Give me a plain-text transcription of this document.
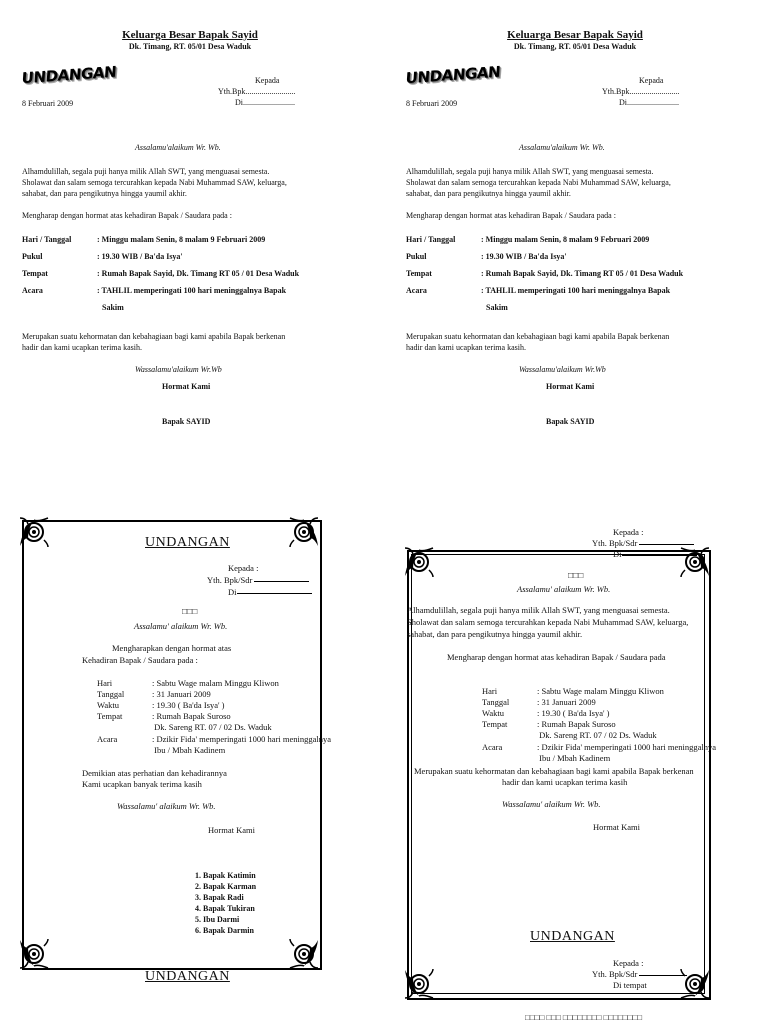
Keluarga Besar Bapak Sayid
Dk. Timang, RT. 05/01 Desa Waduk
UNDANGAN	Kepada
Yth.Bpk.........................
Di..........................
8 Februari 2009
Assalamu'alaikum Wr. Wb.
Alhamdulillah, segala puji hanya milik Allah SWT, yang menguasai semesta.
Sholawat dan salam semoga tercurahkan kepada Nabi Muhammad SAW, keluarga,
sahabat, dan para pengikutnya hingga yaumil akhir.
Mengharap dengan hormat atas kehadiran Bapak / Saudara pada :
Hari / Tanggal	: Minggu malam Senin, 8 malam 9 Februari 2009
Pukul	: 19.30 WIB / Ba'da Isya'
Tempat	: Rumah Bapak Sayid, Dk. Timang RT 05 / 01 Desa Waduk
Acara	: TAHLIL memperingati 100 hari meninggalnya Bapak
Sakim
Merupakan suatu kehormatan dan kebahagiaan bagi kami apabila Bapak berkenan
hadir dan kami ucapkan terima kasih.
Wassalamu'alaikum Wr.Wb
Hormat Kami
Bapak SAYID
Keluarga Besar Bapak Sayid
Dk. Timang, RT. 05/01 Desa Waduk
UNDANGAN	Kepada
Yth.Bpk.........................
Di..........................
8 Februari 2009
Assalamu'alaikum Wr. Wb.
Alhamdulillah, segala puji hanya milik Allah SWT, yang menguasai semesta.
Sholawat dan salam semoga tercurahkan kepada Nabi Muhammad SAW, keluarga,
sahabat, dan para pengikutnya hingga yaumil akhir.
Mengharap dengan hormat atas kehadiran Bapak / Saudara pada :
Hari / Tanggal	: Minggu malam Senin, 8 malam 9 Februari 2009
Pukul	: 19.30 WIB / Ba'da Isya'
Tempat	: Rumah Bapak Sayid, Dk. Timang RT 05 / 01 Desa Waduk
Acara	: TAHLIL memperingati 100 hari meninggalnya Bapak
Sakim
Merupakan suatu kehormatan dan kebahagiaan bagi kami apabila Bapak berkenan
hadir dan kami ucapkan terima kasih.
Wassalamu'alaikum Wr.Wb
Hormat Kami
Bapak SAYID
UNDANGAN
Kepada :
Yth. Bpk/Sdr
Di
□□□
Assalamu' alaikum Wr. Wb.
Mengharapkan dengan hormat atas
Kehadiran Bapak / Saudara pada :
Hari	: Sabtu Wage malam Minggu Kliwon
Tanggal	: 31 Januari 2009
Waktu	: 19.30 ( Ba'da Isya' )
Tempat	: Rumah Bapak Suroso
Dk. Sareng RT. 07 / 02 Ds. Waduk
Acara	: Dzikir Fida' memperingati 1000 hari meninggalnya
Ibu / Mbah Kadinem
Demikian atas perhatian dan kehadirannya
Kami ucapkan banyak terima kasih
Wassalamu' alaikum Wr. Wb.
Hormat Kami
1. Bapak Katimin
2. Bapak Karman
3. Bapak Radi
4. Bapak Tukiran
5. Ibu Darmi
6. Bapak Darmin
UNDANGAN
Kepada :
Yth. Bpk/Sdr
Di
□□□
Assalamu' alaikum Wr. Wb.
Alhamdulillah, segala puji hanya milik Allah SWT, yang menguasai semesta.
Sholawat dan salam semoga tercurahkan kepada Nabi Muhammad SAW, keluarga,
sahabat, dan para pengikutnya hingga yaumil akhir.
Mengharap dengan hormat atas kehadiran Bapak / Saudara pada
Hari	: Sabtu Wage malam Minggu Kliwon
Tanggal	: 31 Januari 2009
Waktu	: 19.30 ( Ba'da Isya' )
Tempat	: Rumah Bapak Suroso
Dk. Sareng RT. 07 / 02 Ds. Waduk
Acara	: Dzikir Fida' memperingati 1000 hari meninggalnya
Ibu / Mbah Kadinem
Merupakan suatu kehormatan dan kebahagiaan bagi kami apabila Bapak berkenan
hadir dan kami ucapkan terima kasih
Wassalamu' alaikum Wr. Wb.
Hormat Kami
UNDANGAN
Kepada :
Yth. Bpk/Sdr
Di tempat
□□□□ □□□ □□□□□□□□ □□□□□□□□
